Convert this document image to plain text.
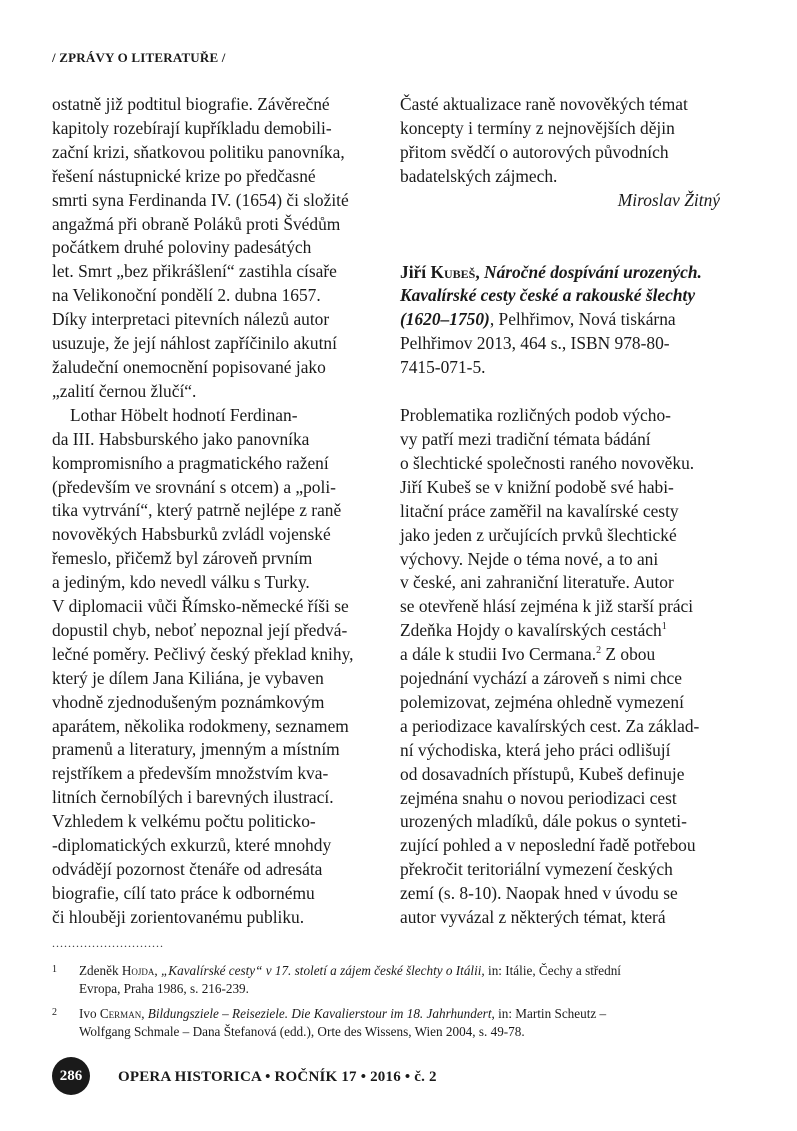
/ ZPRÁVY O LITERATUŘE /
ostatně již podtitul biografie. Závěrečné
kapitoly rozebírají kupříkladu demobili-
zační krizi, sňatkovou politiku panovníka,
řešení nástupnické krize po předčasné
smrti syna Ferdinanda IV. (1654) či složité
angažmá při obraně Poláků proti Švédům
počátkem druhé poloviny padesátých
let. Smrt „bez přikrášlení“ zastihla císaře
na Velikonoční pondělí 2. dubna 1657.
Díky interpretaci pitevních nálezů autor
usuzuje, že její náhlost zapříčinilo akutní
žaludeční onemocnění popisované jako
„zalití černou žlučí“.
Lothar Höbelt hodnotí Ferdinan-
da III. Habsburského jako panovníka
kompromisního a pragmatického ražení
(především ve srovnání s otcem) a „poli-
tika vytrvání“, který patrně nejlépe z raně
novověkých Habsburků zvládl vojenské
řemeslo, přičemž byl zároveň prvním
a jediným, kdo nevedl válku s Turky.
V diplomacii vůči Římsko-německé říši se
dopustil chyb, neboť nepoznal její předvá-
lečné poměry. Pečlivý český překlad knihy,
který je dílem Jana Kiliána, je vybaven
vhodně zjednodušeným poznámkovým
aparátem, několika rodokmeny, seznamem
pramenů a literatury, jmenným a místním
rejstříkem a především množstvím kva-
litních černobílých i barevných ilustrací.
Vzhledem k velkému počtu politicko-
-diplomatických exkurzů, které mnohdy
odvádějí pozornost čtenáře od adresáta
biografie, cílí tato práce k odbornému
či hlouběji zorientovanému publiku.
Časté aktualizace raně novověkých témat
koncepty i termíny z nejnovějších dějin
přitom svědčí o autorových původních
badatelských zájmech.
Miroslav Žitný
Jiří Kubeš, Náročné dospívání urozených.
Kavalírské cesty české a rakouské šlechty
(1620–1750), Pelhřimov, Nová tiskárna
Pelhřimov 2013, 464 s., ISBN 978-80-
7415-071-5.
Problematika rozličných podob výcho-
vy patří mezi tradiční témata bádání
o šlechtické společnosti raného novověku.
Jiří Kubeš se v knižní podobě své habi-
litační práce zaměřil na kavalírské cesty
jako jeden z určujících prvků šlechtické
výchovy. Nejde o téma nové, a to ani
v české, ani zahraniční literatuře. Autor
se otevřeně hlásí zejména k již starší práci
Zdeňka Hojdy o kavalírských cestách$^1$
a dále k studii Ivo Cermana.$^2$ Z obou
pojednání vychází a zároveň s nimi chce
polemizovat, zejména ohledně vymezení
a periodizace kavalírských cest. Za základ-
ní východiska, která jeho práci odlišují
od dosavadních přístupů, Kubeš definuje
zejména snahu o novou periodizaci cest
urozených mladíků, dále pokus o synteti-
zující pohled a v neposlední řadě potřebou
překročit teritoriální vymezení českých
zemí (s. 8-10). Naopak hned v úvodu se
autor vyvázal z některých témat, která
............................
1 Zdeněk Hojda, „Kavalírské cesty“ v 17. století a zájem české šlechty o Itálii, in: Itálie, Čechy a střední
Evropa, Praha 1986, s. 216-239.
2 Ivo Cerman, Bildungsziele – Reiseziele. Die Kavalierstour im 18. Jahrhundert, in: Martin Scheutz –
Wolfgang Schmale – Dana Štefanová (edd.), Orte des Wissens, Wien 2004, s. 49-78.
286	OPERA HISTORICA • ROČNÍK 17 • 2016 • č. 2
